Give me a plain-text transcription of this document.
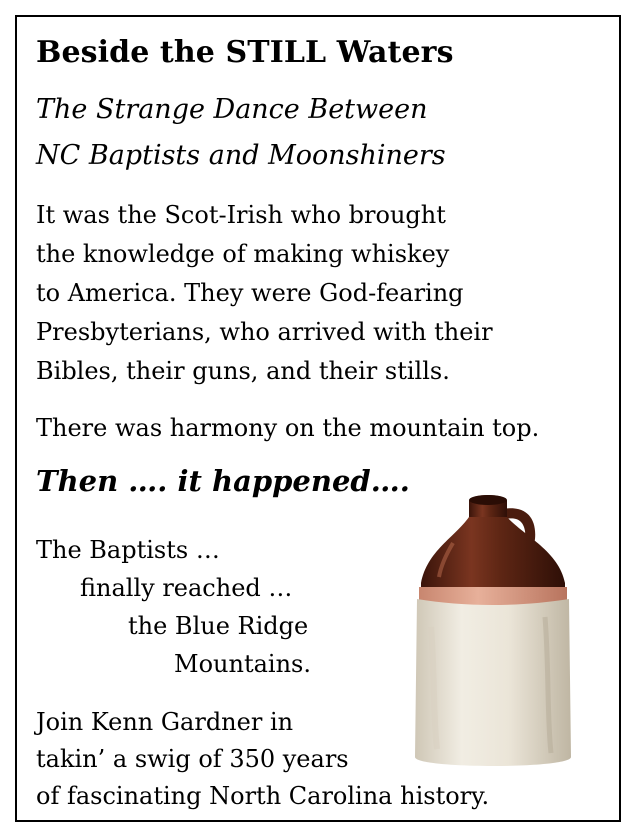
Beside the STILL Waters
The Strange Dance Between
NC Baptists and Moonshiners
It was the Scot-Irish who brought
the knowledge of making whiskey
to America. They were God-fearing
Presbyterians, who arrived with their
Bibles, their guns, and their stills.
There was harmony on the mountain top.
Then …. it happened….
The Baptists …
finally reached …
the Blue Ridge
Mountains.
Join Kenn Gardner in
takin’ a swig of 350 years
of fascinating North Carolina history.
